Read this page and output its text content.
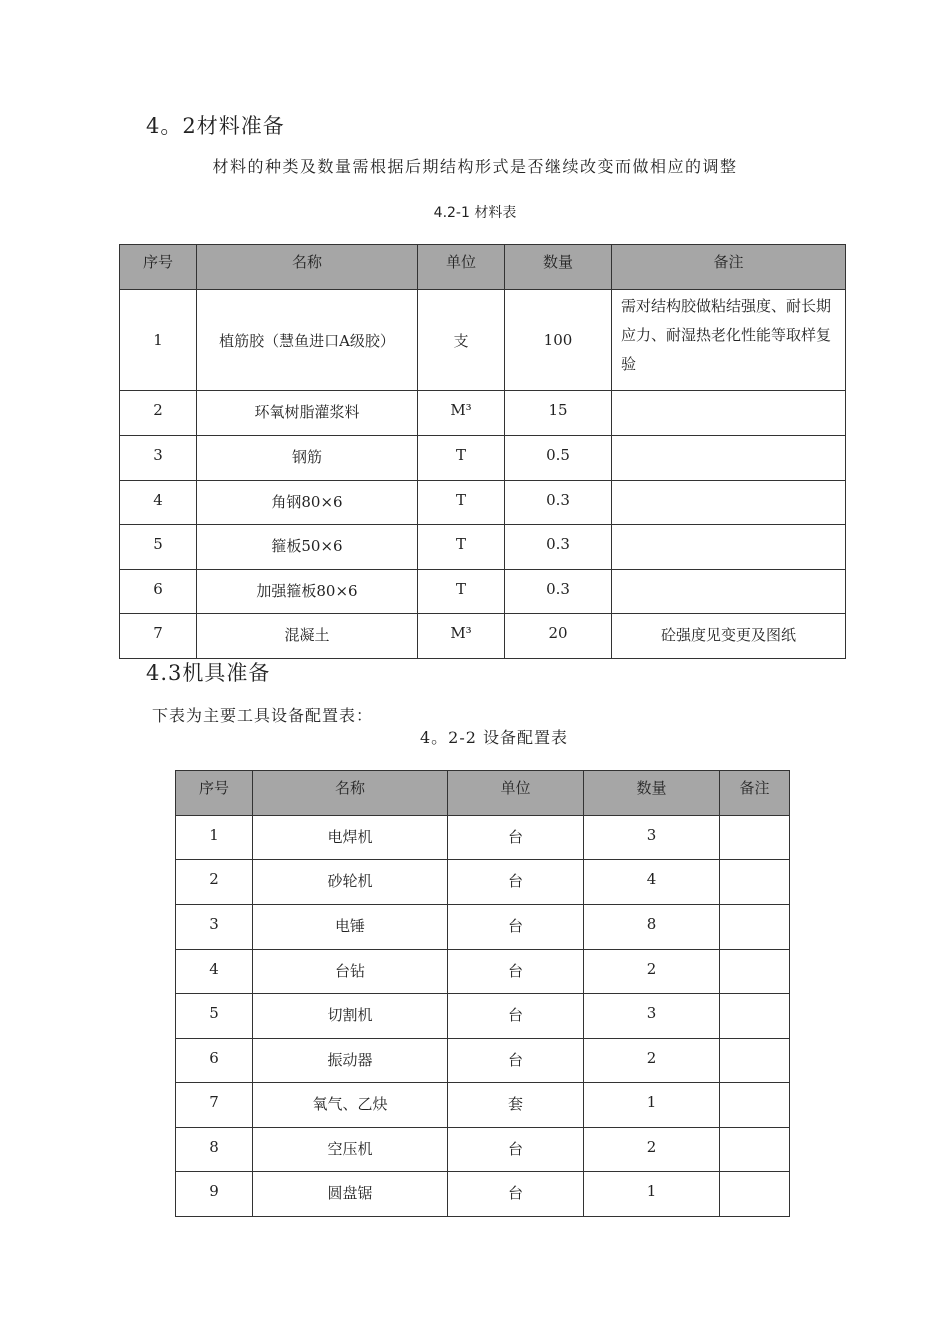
4。2材料准备
材料的种类及数量需根据后期结构形式是否继续改变而做相应的调整
4.2-1 材料表
序号	名称	单位	数量	备注
1	植筋胶（慧鱼进口A级胶）	支	100	需对结构胶做粘结强度、耐长期应力、耐湿热老化性能等取样复验
2	环氧树脂灌浆料	M³	15	
3	钢筋	T	0.5	
4	角钢80×6	T	0.3	
5	箍板50×6	T	0.3	
6	加强箍板80×6	T	0.3	
7	混凝土	M³	20	砼强度见变更及图纸
4.3机具准备
下表为主要工具设备配置表：
4。2-2 设备配置表
序号	名称	单位	数量	备注
1	电焊机	台	3	
2	砂轮机	台	4	
3	电锤	台	8	
4	台钻	台	2	
5	切割机	台	3	
6	振动器	台	2	
7	氧气、乙炔	套	1	
8	空压机	台	2	
9	圆盘锯	台	1	
